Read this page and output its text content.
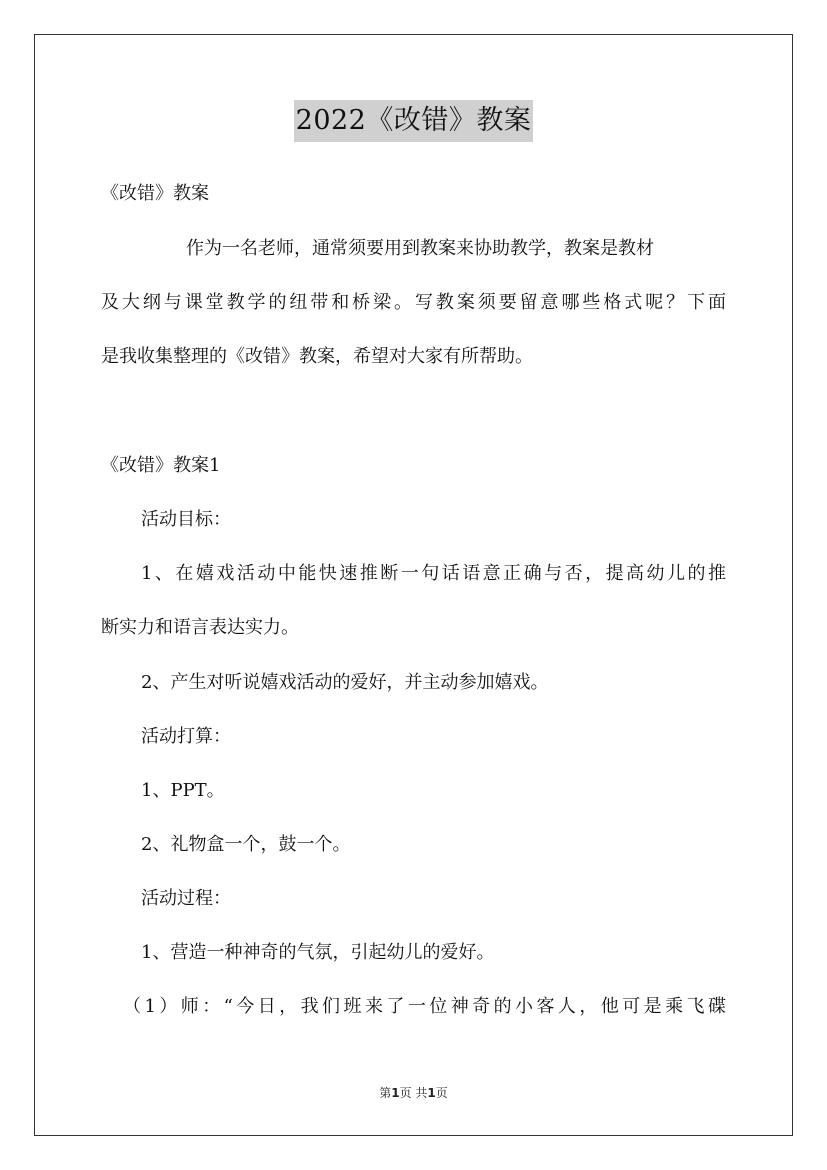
2022《改错》教案
《改错》教案
作为一名老师，通常须要用到教案来协助教学，教案是教材
及大纲与课堂教学的纽带和桥梁。写教案须要留意哪些格式呢？下面
是我收集整理的《改错》教案，希望对大家有所帮助。
《改错》教案1
活动目标：
1、在嬉戏活动中能快速推断一句话语意正确与否，提高幼儿的推
断实力和语言表达实力。
2、产生对听说嬉戏活动的爱好，并主动参加嬉戏。
活动打算：
1、PPT。
2、礼物盒一个，鼓一个。
活动过程：
1、营造一种神奇的气氛，引起幼儿的爱好。
（1）师：“今日，我们班来了一位神奇的小客人，他可是乘飞碟
第1页 共1页
